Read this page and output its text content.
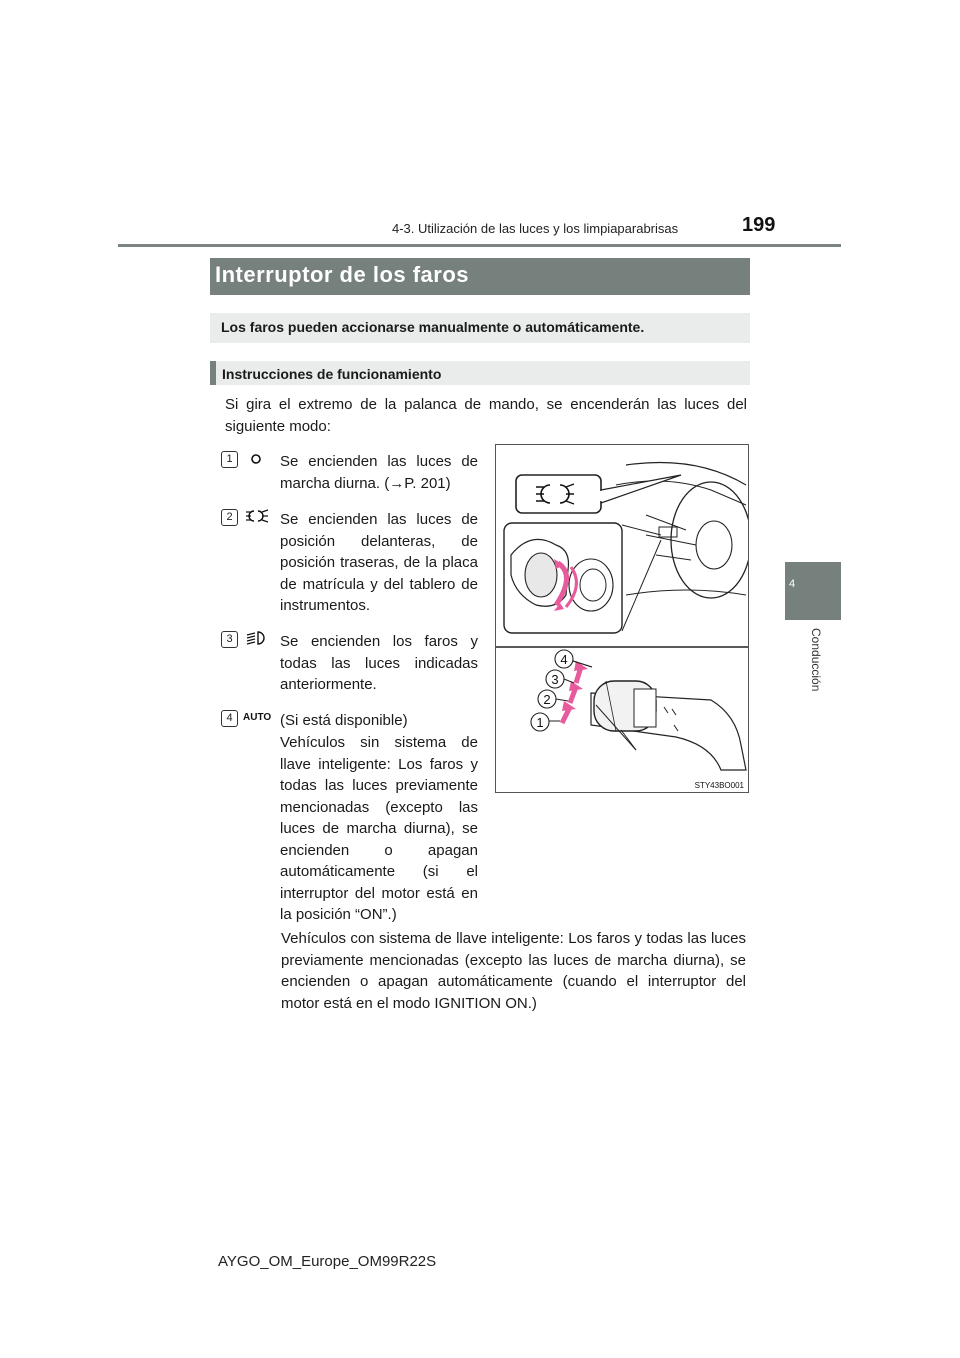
4-3. Utilización de las luces y los limpiaparabrisas	199
4
Conducción
Interruptor de los faros
Los faros pueden accionarse manualmente o automáticamente.
Instrucciones de funcionamiento
Si gira el extremo de la palanca de mando, se encenderán las luces del siguiente modo:
1	Se encienden las luces de marcha diurna. (→P. 201)
2	Se encienden las luces de posición delanteras, de posición traseras, de la placa de matrícula y del tablero de instrumentos.
3	Se encienden los faros y todas las luces indicadas anteriormente.
4	AUTO (Si está disponible)
Vehículos sin sistema de llave inteligente: Los faros y todas las luces previamente mencionadas (excepto las luces de marcha diurna), se encienden o apagan automáticamente (si el interruptor del motor está en la posición “ON”.)
Vehículos con sistema de llave inteligente: Los faros y todas las luces previamente mencionadas (excepto las luces de marcha diurna), se encienden o apagan automáticamente (cuando el interruptor del motor está en el modo IGNITION ON.)
1
2
3
4
STY43BO001
AYGO_OM_Europe_OM99R22S
